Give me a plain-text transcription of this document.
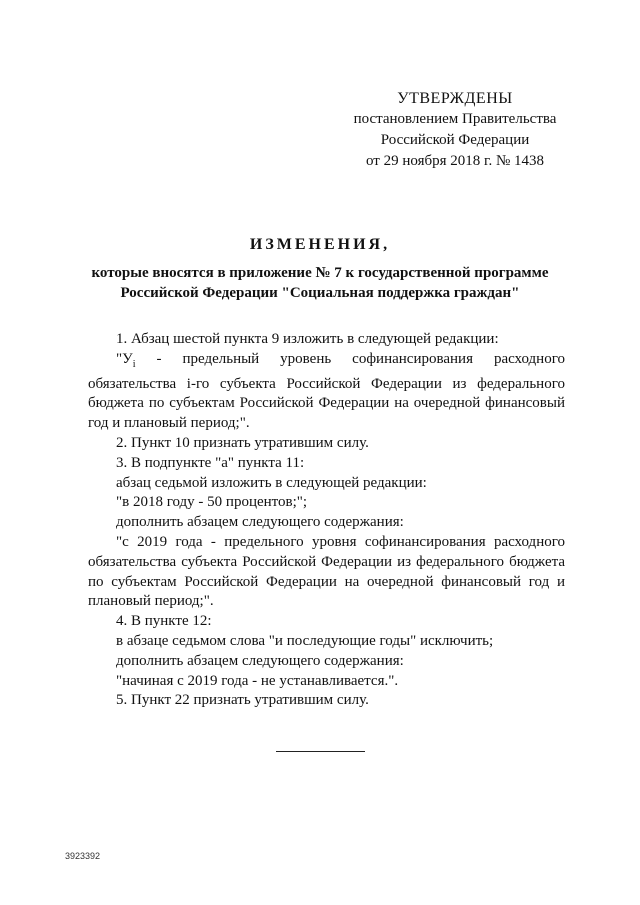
УТВЕРЖДЕНЫ
постановлением Правительства
Российской Федерации
от 29 ноября 2018 г. № 1438
ИЗМЕНЕНИЯ,
которые вносятся в приложение № 7 к государственной программе
Российской Федерации "Социальная поддержка граждан"

1. Абзац шестой пункта 9 изложить в следующей редакции:

"$У_i$ - предельный уровень софинансирования расходного обязательства i-го субъекта Российской Федерации из федерального бюджета по субъектам Российской Федерации на очередной финансовый год и плановый период;".

2. Пункт 10 признать утратившим силу.

3. В подпункте "а" пункта 11:

абзац седьмой изложить в следующей редакции:

"в 2018 году - 50 процентов;";

дополнить абзацем следующего содержания:

"с 2019 года - предельного уровня софинансирования расходного обязательства субъекта Российской Федерации из федерального бюджета по субъектам Российской Федерации на очередной финансовый год и плановый период;".

4. В пункте 12:

в абзаце седьмом слова "и последующие годы" исключить;

дополнить абзацем следующего содержания:

"начиная с 2019 года - не устанавливается.".

5. Пункт 22 признать утратившим силу.

3923392
